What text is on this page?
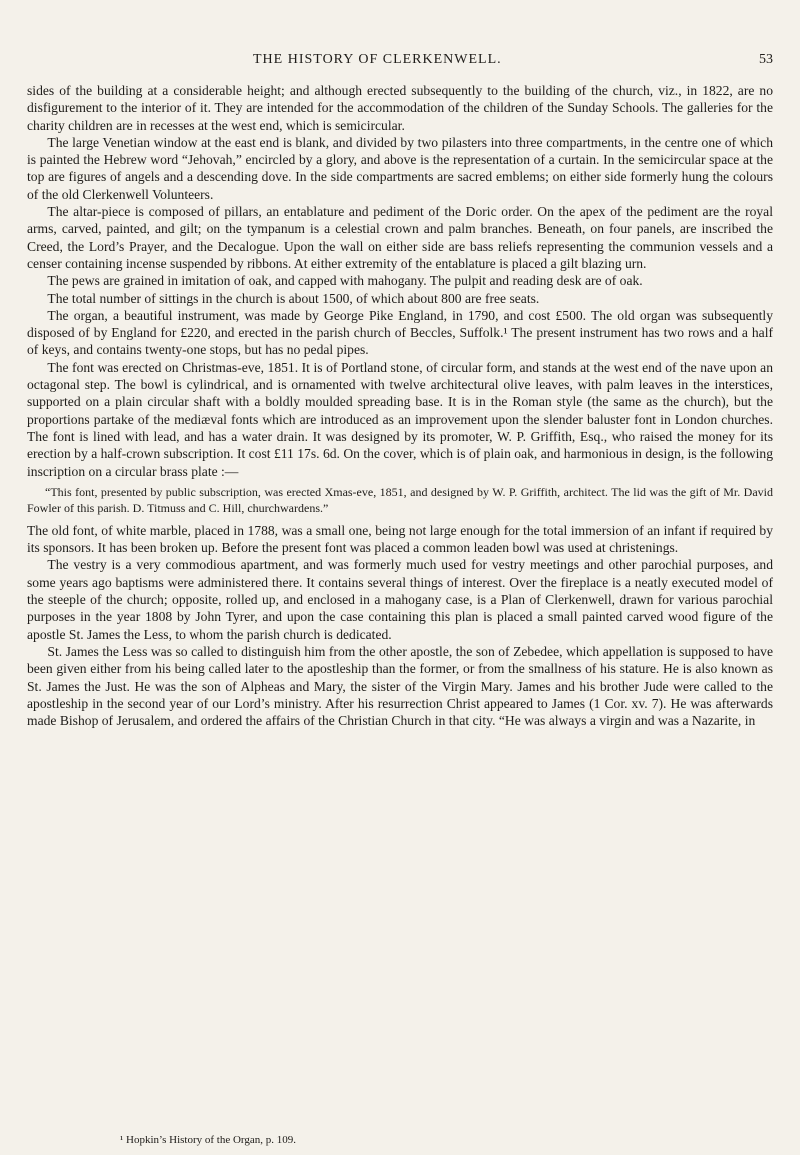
THE HISTORY OF CLERKENWELL.	53

sides of the building at a considerable height; and although erected subsequently to the building of the church, viz., in 1822, are no disfigurement to the interior of it. They are intended for the accommodation of the children of the Sunday Schools. The galleries for the charity children are in recesses at the west end, which is semicircular.

The large Venetian window at the east end is blank, and divided by two pilasters into three compartments, in the centre one of which is painted the Hebrew word “Jehovah,” encircled by a glory, and above is the representation of a curtain. In the semicircular space at the top are figures of angels and a descending dove. In the side compartments are sacred emblems; on either side formerly hung the colours of the old Clerkenwell Volunteers.

The altar-piece is composed of pillars, an entablature and pediment of the Doric order. On the apex of the pediment are the royal arms, carved, painted, and gilt; on the tympanum is a celestial crown and palm branches. Beneath, on four panels, are inscribed the Creed, the Lord’s Prayer, and the Decalogue. Upon the wall on either side are bass reliefs representing the communion vessels and a censer containing incense suspended by ribbons. At either extremity of the entablature is placed a gilt blazing urn.

The pews are grained in imitation of oak, and capped with mahogany. The pulpit and reading desk are of oak.

The total number of sittings in the church is about 1500, of which about 800 are free seats.

The organ, a beautiful instrument, was made by George Pike England, in 1790, and cost £500. The old organ was subsequently disposed of by England for £220, and erected in the parish church of Beccles, Suffolk.¹ The present instrument has two rows and a half of keys, and contains twenty-one stops, but has no pedal pipes.

The font was erected on Christmas-eve, 1851. It is of Portland stone, of circular form, and stands at the west end of the nave upon an octagonal step. The bowl is cylindrical, and is ornamented with twelve architectural olive leaves, with palm leaves in the interstices, supported on a plain circular shaft with a boldly moulded spreading base. It is in the Roman style (the same as the church), but the proportions partake of the mediæval fonts which are introduced as an improvement upon the slender baluster font in London churches. The font is lined with lead, and has a water drain. It was designed by its promoter, W. P. Griffith, Esq., who raised the money for its erection by a half-crown subscription. It cost £11 17s. 6d. On the cover, which is of plain oak, and harmonious in design, is the following inscription on a circular brass plate :—

“This font, presented by public subscription, was erected Xmas-eve, 1851, and designed by W. P. Griffith, architect. The lid was the gift of Mr. David Fowler of this parish. D. Titmuss and C. Hill, churchwardens.”

The old font, of white marble, placed in 1788, was a small one, being not large enough for the total immersion of an infant if required by its sponsors. It has been broken up. Before the present font was placed a common leaden bowl was used at christenings.

The vestry is a very commodious apartment, and was formerly much used for vestry meetings and other parochial purposes, and some years ago baptisms were administered there. It contains several things of interest. Over the fireplace is a neatly executed model of the steeple of the church; opposite, rolled up, and enclosed in a mahogany case, is a Plan of Clerkenwell, drawn for various parochial purposes in the year 1808 by John Tyrer, and upon the case containing this plan is placed a small painted carved wood figure of the apostle St. James the Less, to whom the parish church is dedicated.

St. James the Less was so called to distinguish him from the other apostle, the son of Zebedee, which appellation is supposed to have been given either from his being called later to the apostleship than the former, or from the smallness of his stature. He is also known as St. James the Just. He was the son of Alpheas and Mary, the sister of the Virgin Mary. James and his brother Jude were called to the apostleship in the second year of our Lord’s ministry. After his resurrection Christ appeared to James (1 Cor. xv. 7). He was afterwards made Bishop of Jerusalem, and ordered the affairs of the Christian Church in that city. “He was always a virgin and was a Nazarite, in

¹ Hopkin’s History of the Organ, p. 109.
